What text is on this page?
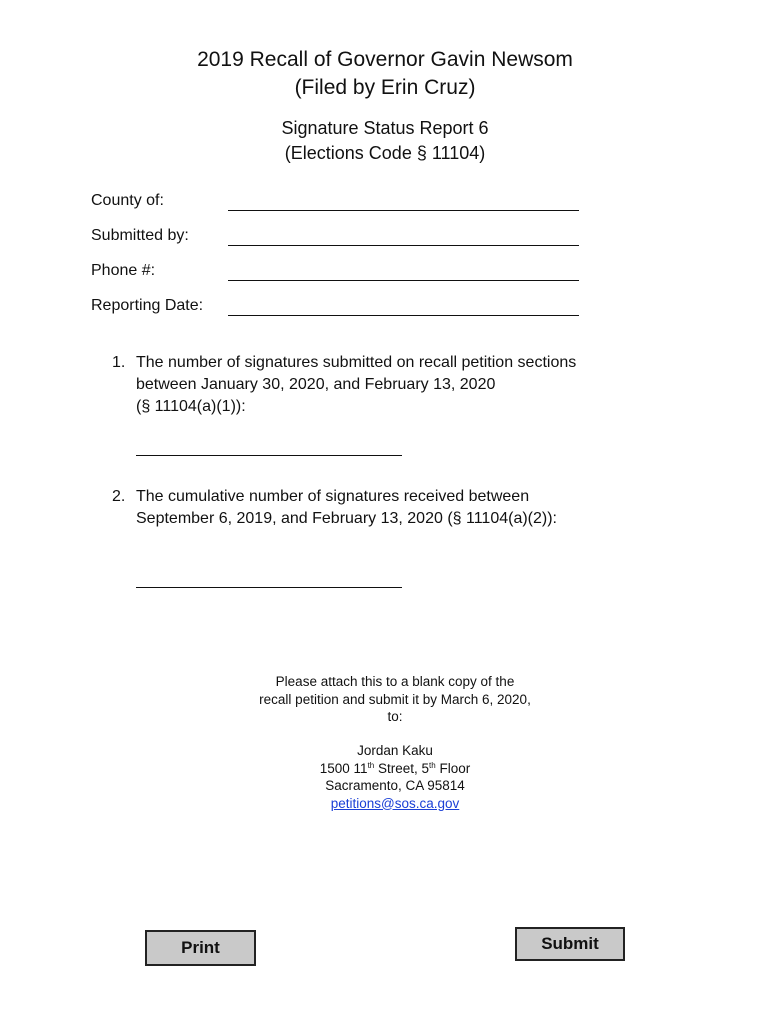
2019 Recall of Governor Gavin Newsom
(Filed by Erin Cruz)
Signature Status Report 6
(Elections Code § 11104)
County of:
Submitted by:
Phone #:
Reporting Date:
1. The number of signatures submitted on recall petition sections
between January 30, 2020, and February 13, 2020
(§ 11104(a)(1)):
2. The cumulative number of signatures received between
September 6, 2019, and February 13, 2020 (§ 11104(a)(2)):
Please attach this to a blank copy of the
recall petition and submit it by March 6, 2020,
to:
Jordan Kaku
1500 11th Street, 5th Floor
Sacramento, CA 95814
petitions@sos.ca.gov
Print	Submit
